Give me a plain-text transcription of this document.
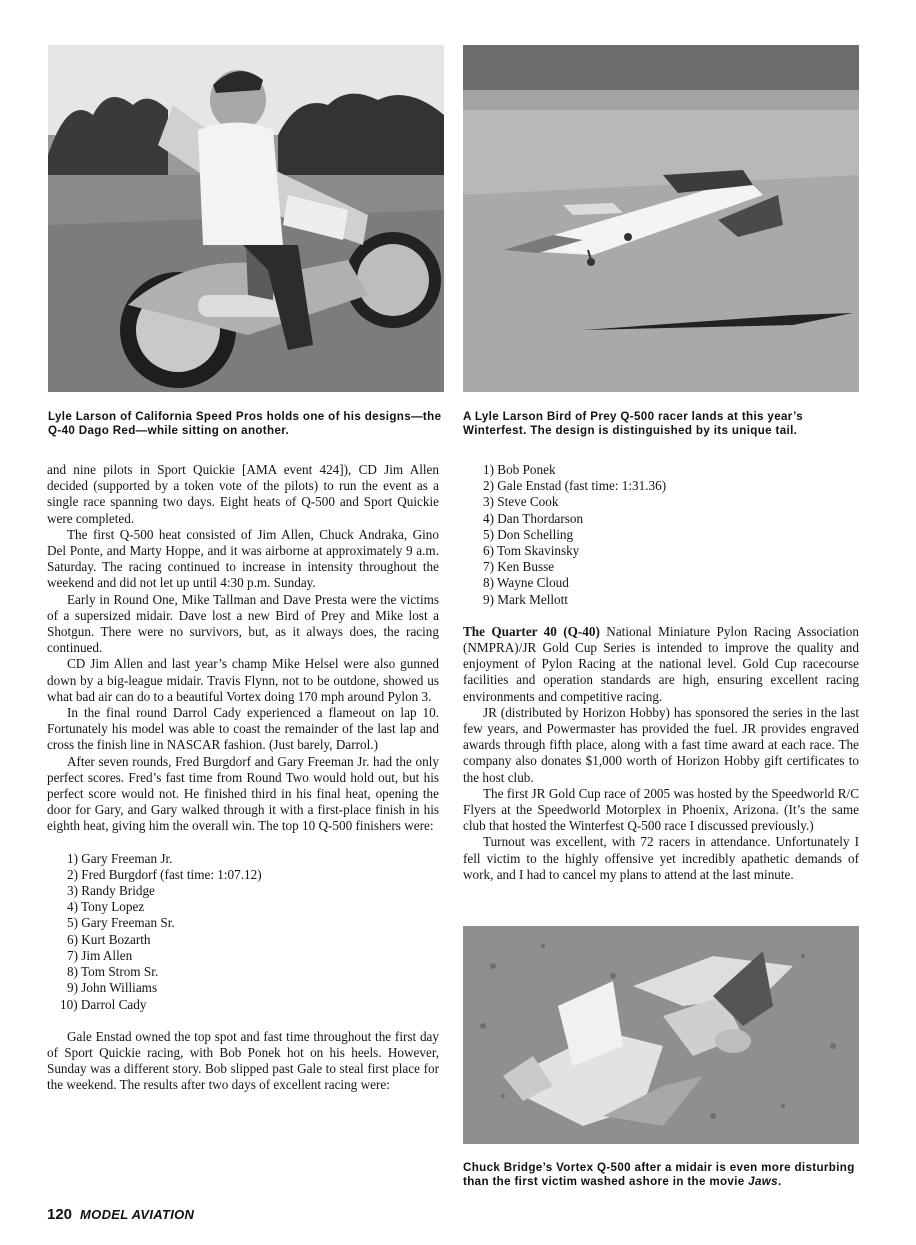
Lyle Larson of California Speed Pros holds one of his designs—the Q-40 Dago Red—while sitting on another.
A Lyle Larson Bird of Prey Q-500 racer lands at this year’s Winterfest. The design is distinguished by its unique tail.

and nine pilots in Sport Quickie [AMA event 424]), CD Jim Allen decided (supported by a token vote of the pilots) to run the event as a single race spanning two days. Eight heats of Q-500 and Sport Quickie were completed.

The first Q-500 heat consisted of Jim Allen, Chuck Andraka, Gino Del Ponte, and Marty Hoppe, and it was airborne at approximately 9 a.m. Saturday. The racing continued to increase in intensity throughout the weekend and did not let up until 4:30 p.m. Sunday.

Early in Round One, Mike Tallman and Dave Presta were the victims of a supersized midair. Dave lost a new Bird of Prey and Mike lost a Shotgun. There were no survivors, but, as it always does, the racing continued.

CD Jim Allen and last year’s champ Mike Helsel were also gunned down by a big-league midair. Travis Flynn, not to be outdone, showed us what bad air can do to a beautiful Vortex doing 170 mph around Pylon 3.

In the final round Darrol Cady experienced a flameout on lap 10. Fortunately his model was able to coast the remainder of the last lap and cross the finish line in NASCAR fashion. (Just barely, Darrol.)

After seven rounds, Fred Burgdorf and Gary Freeman Jr. had the only perfect scores. Fred’s fast time from Round Two would hold out, but his perfect score would not. He finished third in his final heat, opening the door for Gary, and Gary walked through it with a first-place finish in his eighth heat, giving him the overall win. The top 10 Q-500 finishers were:

1) Gary Freeman Jr.
2) Fred Burgdorf (fast time: 1:07.12)
3) Randy Bridge
4) Tony Lopez
5) Gary Freeman Sr.
6) Kurt Bozarth
7) Jim Allen
8) Tom Strom Sr.
9) John Williams
10) Darrol Cady

Gale Enstad owned the top spot and fast time throughout the first day of Sport Quickie racing, with Bob Ponek hot on his heels. However, Sunday was a different story. Bob slipped past Gale to steal first place for the weekend. The results after two days of excellent racing were:

1) Bob Ponek
2) Gale Enstad (fast time: 1:31.36)
3) Steve Cook
4) Dan Thordarson
5) Don Schelling
6) Tom Skavinsky
7) Ken Busse
8) Wayne Cloud
9) Mark Mellott

The Quarter 40 (Q-40) National Miniature Pylon Racing Association (NMPRA)/JR Gold Cup Series is intended to improve the quality and enjoyment of Pylon Racing at the national level. Gold Cup racecourse facilities and operation standards are high, ensuring excellent racing environments and competitive racing.

JR (distributed by Horizon Hobby) has sponsored the series in the last few years, and Powermaster has provided the fuel. JR provides engraved awards through fifth place, along with a fast time award at each race. The company also donates $1,000 worth of Horizon Hobby gift certificates to the host club.

The first JR Gold Cup race of 2005 was hosted by the Speedworld R/C Flyers at the Speedworld Motorplex in Phoenix, Arizona. (It’s the same club that hosted the Winterfest Q-500 race I discussed previously.)

Turnout was excellent, with 72 racers in attendance. Unfortunately I fell victim to the highly offensive yet incredibly apathetic demands of work, and I had to cancel my plans to attend at the last minute.

Chuck Bridge’s Vortex Q-500 after a midair is even more disturbing than the first victim washed ashore in the movie Jaws.
120 MODEL AVIATION
